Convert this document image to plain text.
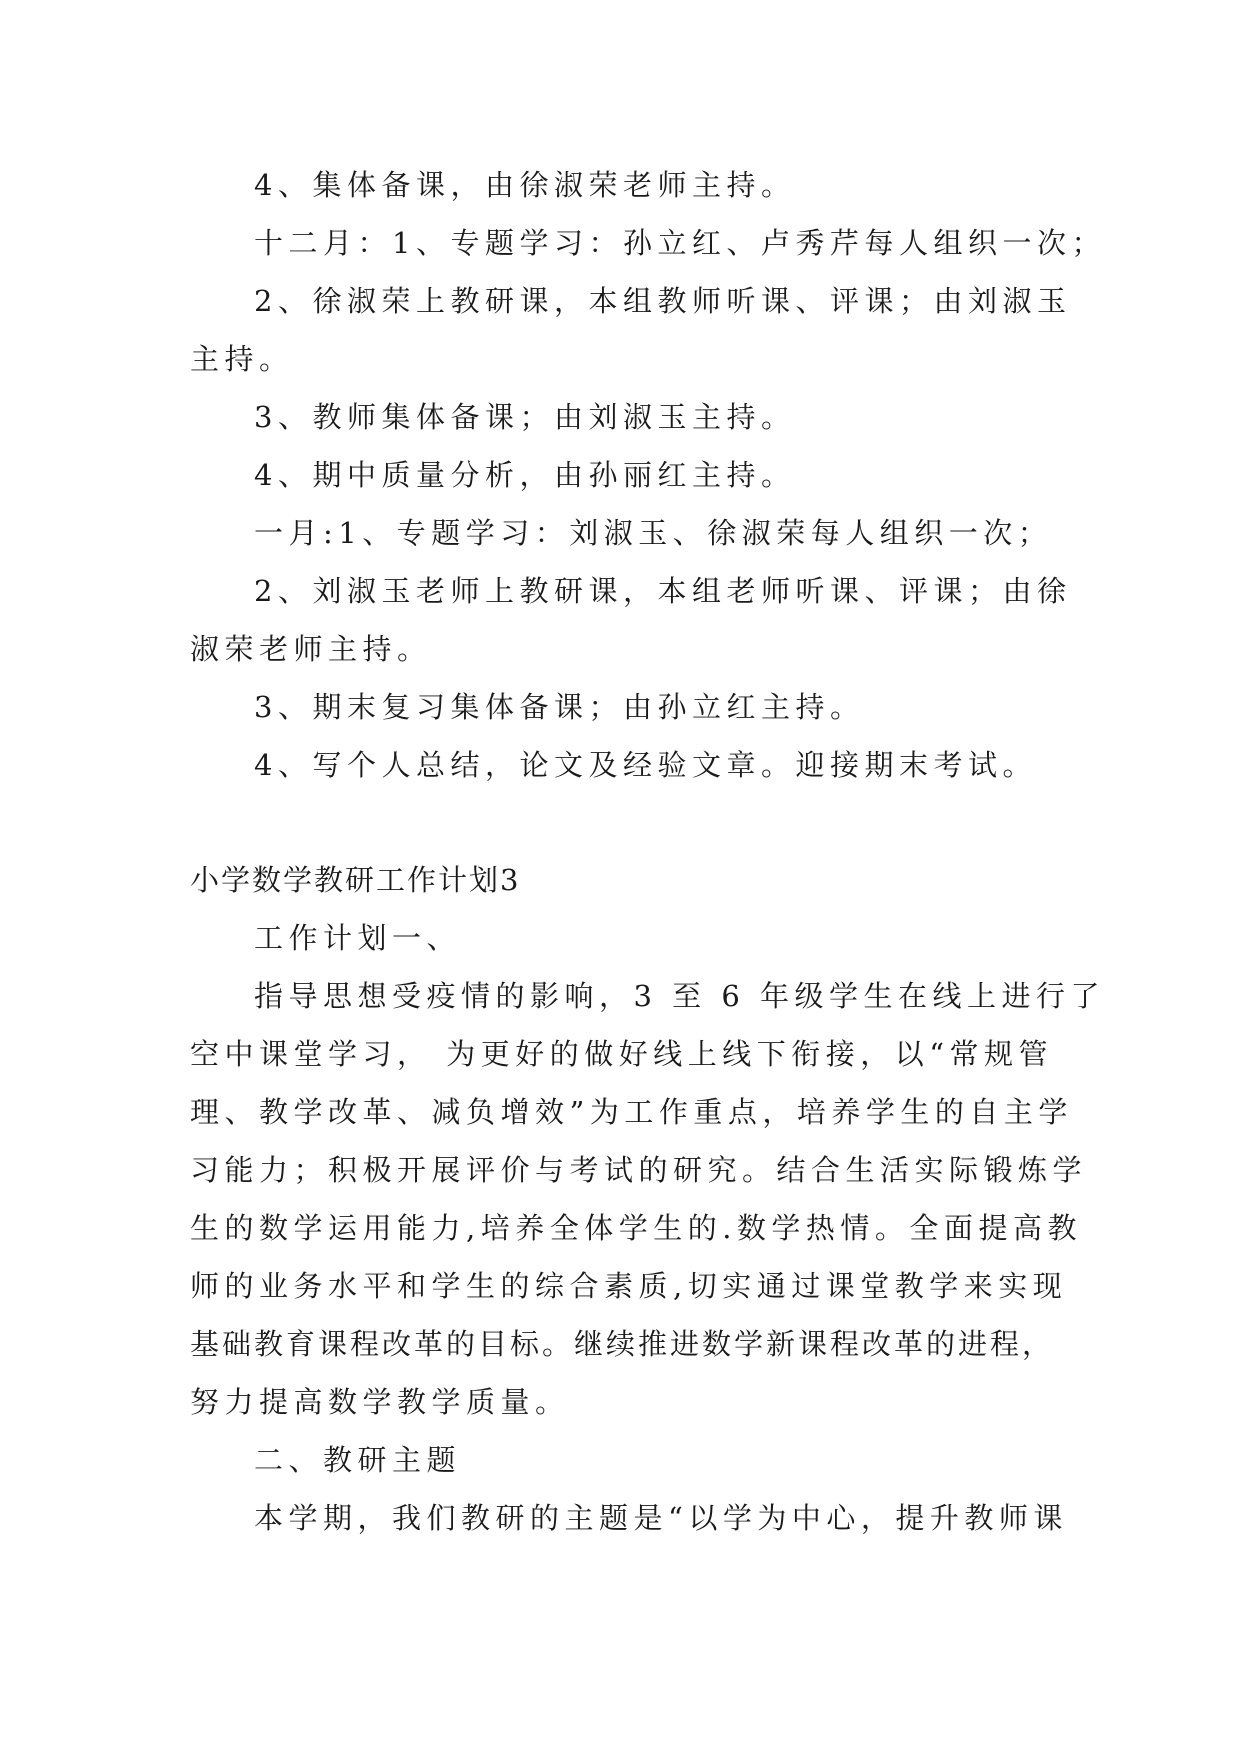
4、集体备课，由徐淑荣老师主持。
十二月：1、专题学习：孙立红、卢秀芹每人组织一次；
2、徐淑荣上教研课，本组教师听课、评课；由刘淑玉
主持。
3、教师集体备课；由刘淑玉主持。
4、期中质量分析，由孙丽红主持。
一月:1、专题学习：刘淑玉、徐淑荣每人组织一次；
2、刘淑玉老师上教研课，本组老师听课、评课；由徐
淑荣老师主持。
3、期末复习集体备课；由孙立红主持。
4、写个人总结，论文及经验文章。迎接期末考试。
小学数学教研工作计划3
工作计划一、
指导思想受疫情的影响，3 至 6 年级学生在线上进行了
空中课堂学习， 为更好的做好线上线下衔接，以“常规管
理、教学改革、减负增效”为工作重点，培养学生的自主学
习能力；积极开展评价与考试的研究。结合生活实际锻炼学
生的数学运用能力,培养全体学生的.数学热情。全面提高教
师的业务水平和学生的综合素质,切实通过课堂教学来实现
基础教育课程改革的目标。继续推进数学新课程改革的进程，
努力提高数学教学质量。
二、教研主题
本学期，我们教研的主题是“以学为中心，提升教师课
